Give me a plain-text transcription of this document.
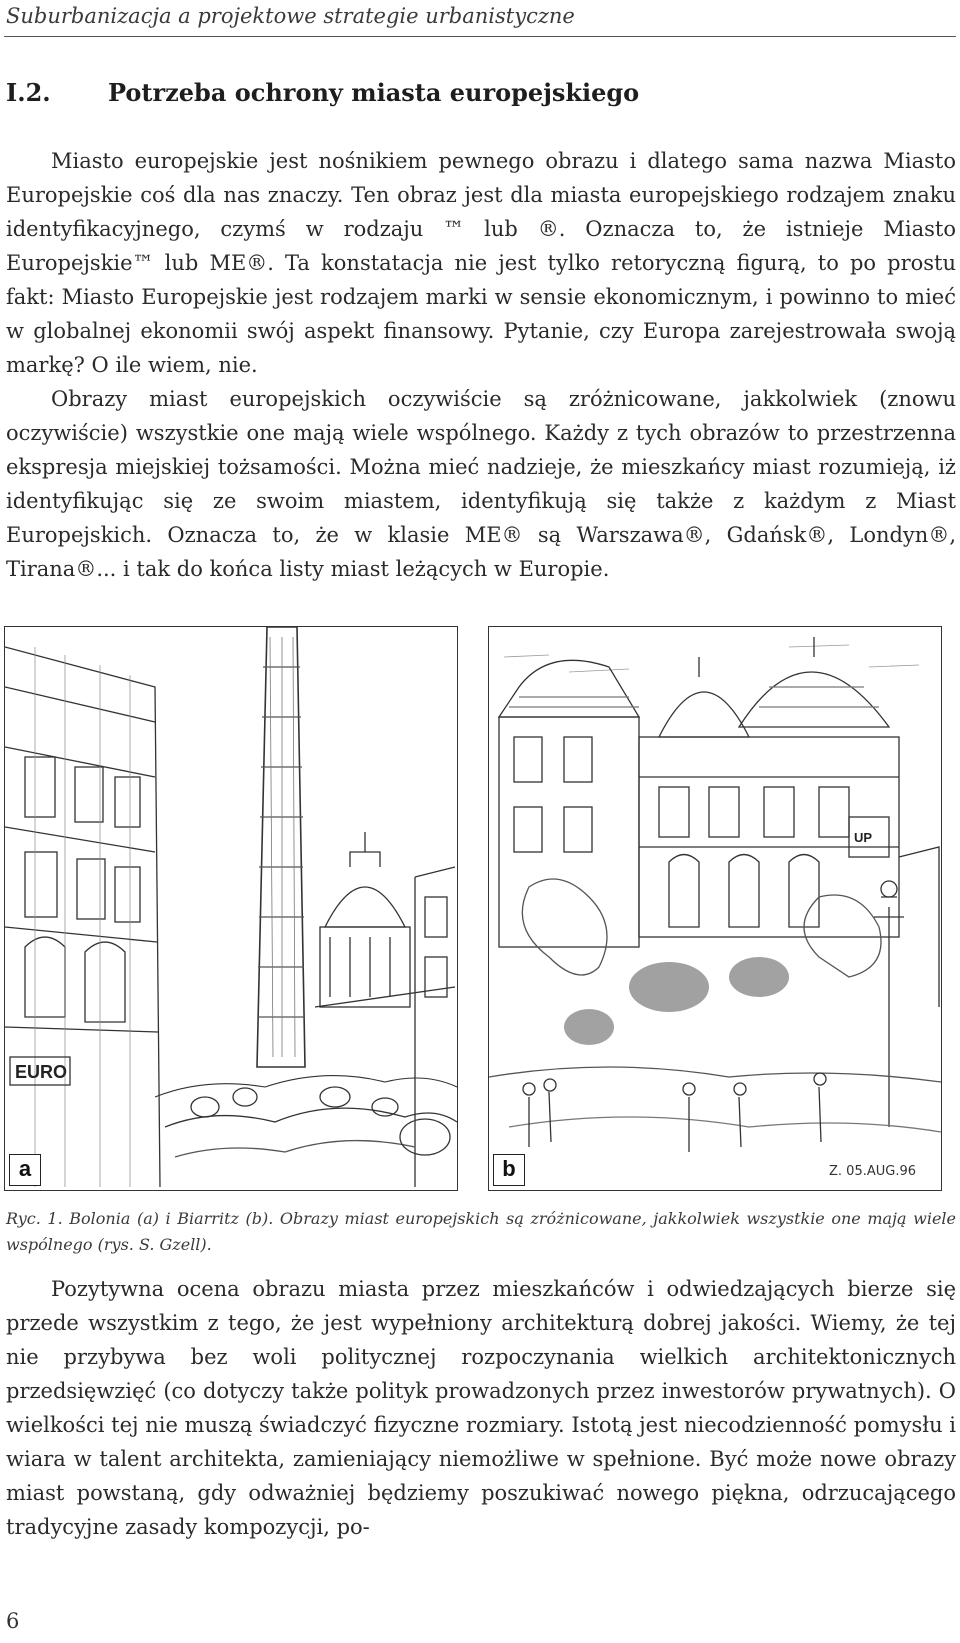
Suburbanizacja a projektowe strategie urbanistyczne
I.2. Potrzeba ochrony miasta europejskiego

Miasto europejskie jest nośnikiem pewnego obrazu i dlatego sama nazwa Miasto Europejskie coś dla nas znaczy. Ten obraz jest dla miasta europejskiego rodzajem znaku identyfikacyjnego, czymś w rodzaju ™ lub ®. Oznacza to, że istnieje Miasto Europejskie™ lub ME®. Ta konstatacja nie jest tylko retoryczną figurą, to po prostu fakt: Miasto Europejskie jest rodzajem marki w sensie ekonomicznym, i powinno to mieć w globalnej ekonomii swój aspekt finansowy. Pytanie, czy Europa zarejestrowała swoją markę? O ile wiem, nie.

Obrazy miast europejskich oczywiście są zróżnicowane, jakkolwiek (znowu oczywiście) wszystkie one mają wiele wspólnego. Każdy z tych obrazów to przestrzenna ekspresja miejskiej tożsamości. Można mieć nadzieje, że mieszkańcy miast rozumieją, iż identyfikując się ze swoim miastem, identyfikują się także z każdym z Miast Europejskich. Oznacza to, że w klasie ME® są Warszawa®, Gdańsk®, Londyn®, Tirana®... i tak do końca listy miast leżących w Europie.

EURO
a
UP
Z. 05.AUG.96
b
Ryc. 1. Bolonia (a) i Biarritz (b). Obrazy miast europejskich są zróżnicowane, jakkolwiek wszystkie one mają wiele wspólnego (rys. S. Gzell).

Pozytywna ocena obrazu miasta przez mieszkańców i odwiedzających bierze się przede wszystkim z tego, że jest wypełniony architekturą dobrej jakości. Wiemy, że tej nie przybywa bez woli politycznej rozpoczynania wielkich architektonicznych przedsięwzięć (co dotyczy także polityk prowadzonych przez inwestorów prywatnych). O wielkości tej nie muszą świadczyć fizyczne rozmiary. Istotą jest niecodzienność pomysłu i wiara w talent architekta, zamieniający niemożliwe w spełnione. Być może nowe obrazy miast powstaną, gdy odważniej będziemy poszukiwać nowego piękna, odrzucającego tradycyjne zasady kompozycji, po-

6
